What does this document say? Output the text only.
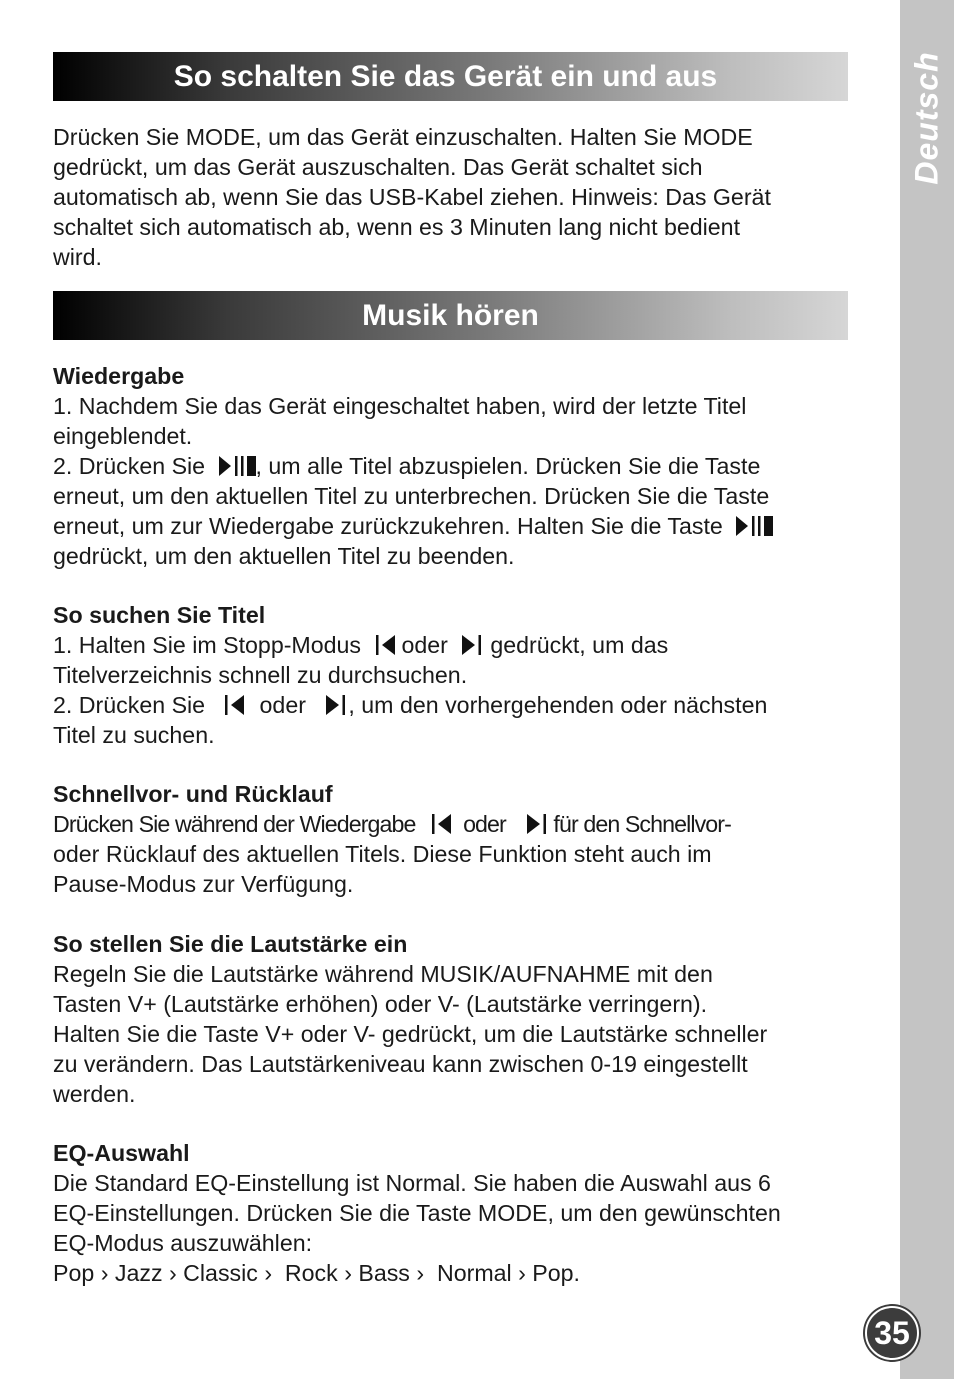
Deutsch
35
So schalten Sie das Gerät ein und aus
Drücken Sie MODE, um das Gerät einzuschalten. Halten Sie MODE
gedrückt, um das Gerät auszuschalten. Das Gerät schaltet sich
automatisch ab, wenn Sie das USB-Kabel ziehen. Hinweis: Das Gerät
schaltet sich automatisch ab, wenn es 3 Minuten lang nicht bedient
wird.
Musik hören

Wiedergabe

1. Nachdem Sie das Gerät eingeschaltet haben, wird der letzte Titel
eingeblendet.
2. Drücken Sie , um alle Titel abzuspielen. Drücken Sie die Taste
erneut, um den aktuellen Titel zu unterbrechen. Drücken Sie die Taste
erneut, um zur Wiedergabe zurückzukehren. Halten Sie die Taste
gedrückt, um den aktuellen Titel zu beenden.

So suchen Sie Titel

1. Halten Sie im Stopp-Modus oder gedrückt, um das
Titelverzeichnis schnell zu durchsuchen.
2. Drücken Sie oder , um den vorhergehenden oder nächsten
Titel zu suchen.

Schnellvor- und Rücklauf

Drücken Sie während der Wiedergabe oder für den Schnellvor-
oder Rücklauf des aktuellen Titels. Diese Funktion steht auch im
Pause-Modus zur Verfügung.

So stellen Sie die Lautstärke ein

Regeln Sie die Lautstärke während MUSIK/AUFNAHME mit den
Tasten V+ (Lautstärke erhöhen) oder V- (Lautstärke verringern).
Halten Sie die Taste V+ oder V- gedrückt, um die Lautstärke schneller
zu verändern. Das Lautstärkeniveau kann zwischen 0-19 eingestellt
werden.

EQ-Auswahl

Die Standard EQ-Einstellung ist Normal. Sie haben die Auswahl aus 6
EQ-Einstellungen. Drücken Sie die Taste MODE, um den gewünschten
EQ-Modus auszuwählen:
Pop › Jazz › Classic ›  Rock › Bass ›  Normal › Pop.
